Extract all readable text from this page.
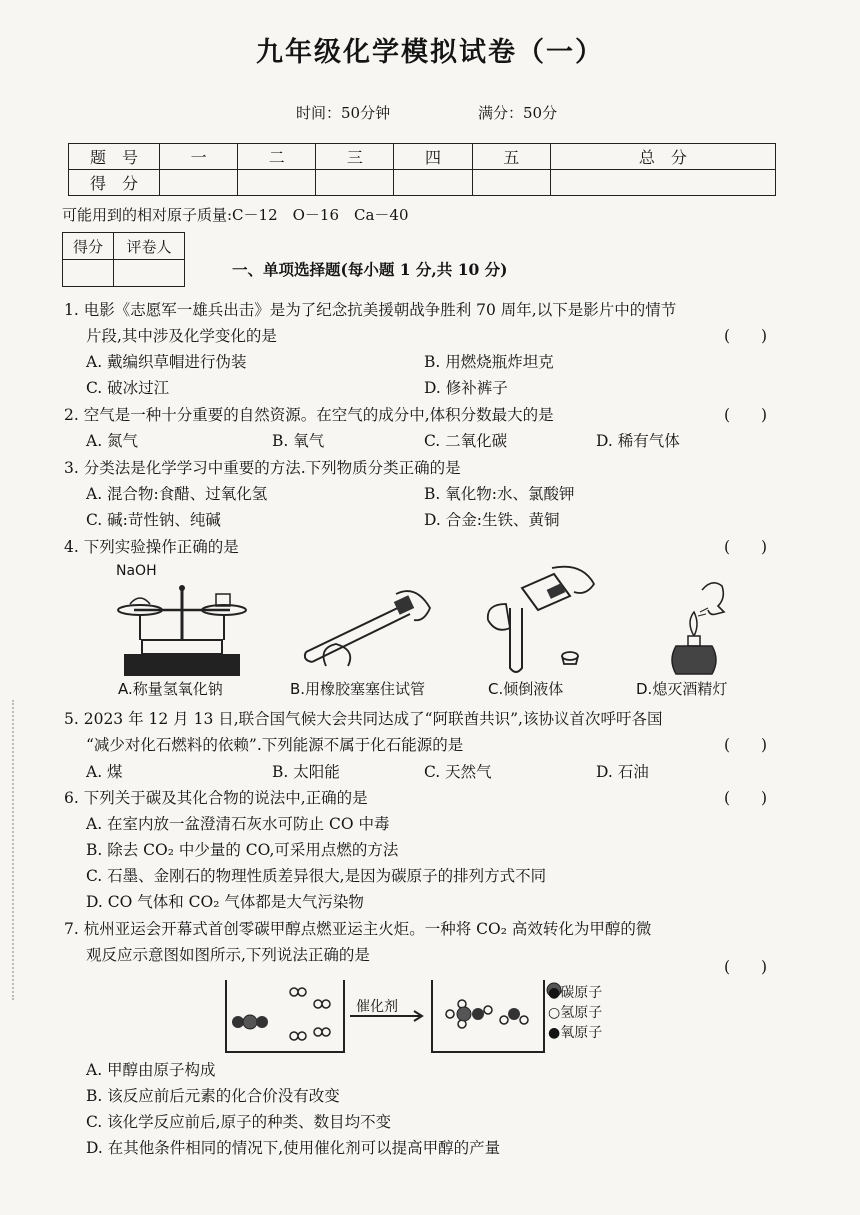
九年级化学模拟试卷（一）
时间：50分钟	满分：50分
题　号	一	二	三	四	五	总　分
得　分						
可能用到的相对原子质量:C－12　O－16　Ca－40
得分	评卷人

一、单项选择题(每小题 1 分,共 10 分)
1. 电影《志愿军一雄兵出击》是为了纪念抗美援朝战争胜利 70 周年,以下是影片中的情节
片段,其中涉及化学变化的是	(　　)
A. 戴编织草帽进行伪装	B. 用燃烧瓶炸坦克
C. 破冰过江	D. 修补裤子
2. 空气是一种十分重要的自然资源。在空气的成分中,体积分数最大的是	(　　)
A. 氮气	B. 氧气	C. 二氧化碳	D. 稀有气体
3. 分类法是化学学习中重要的方法.下列物质分类正确的是
A. 混合物:食醋、过氧化氢	B. 氧化物:水、氯酸钾
C. 碱:苛性钠、纯碱	D. 合金:生铁、黄铜
4. 下列实验操作正确的是	(　　)
NaOH
A.称量氢氧化钠	B.用橡胶塞塞住试管	C.倾倒液体	D.熄灭酒精灯
5. 2023 年 12 月 13 日,联合国气候大会共同达成了“阿联酋共识”,该协议首次呼吁各国
“减少对化石燃料的依赖”.下列能源不属于化石能源的是	(　　)
A. 煤	B. 太阳能	C. 天然气	D. 石油
6. 下列关于碳及其化合物的说法中,正确的是	(　　)
A. 在室内放一盆澄清石灰水可防止 CO 中毒
B. 除去 CO₂ 中少量的 CO,可采用点燃的方法
C. 石墨、金刚石的物理性质差异很大,是因为碳原子的排列方式不同
D. CO 气体和 CO₂ 气体都是大气污染物
7. 杭州亚运会开幕式首创零碳甲醇点燃亚运主火炬。一种将 CO₂ 高效转化为甲醇的微
观反应示意图如图所示,下列说法正确的是
(　　)
催化剂
●碳原子
○氢原子
●氧原子
A. 甲醇由原子构成
B. 该反应前后元素的化合价没有改变
C. 该化学反应前后,原子的种类、数目均不变
D. 在其他条件相同的情况下,使用催化剂可以提高甲醇的产量
